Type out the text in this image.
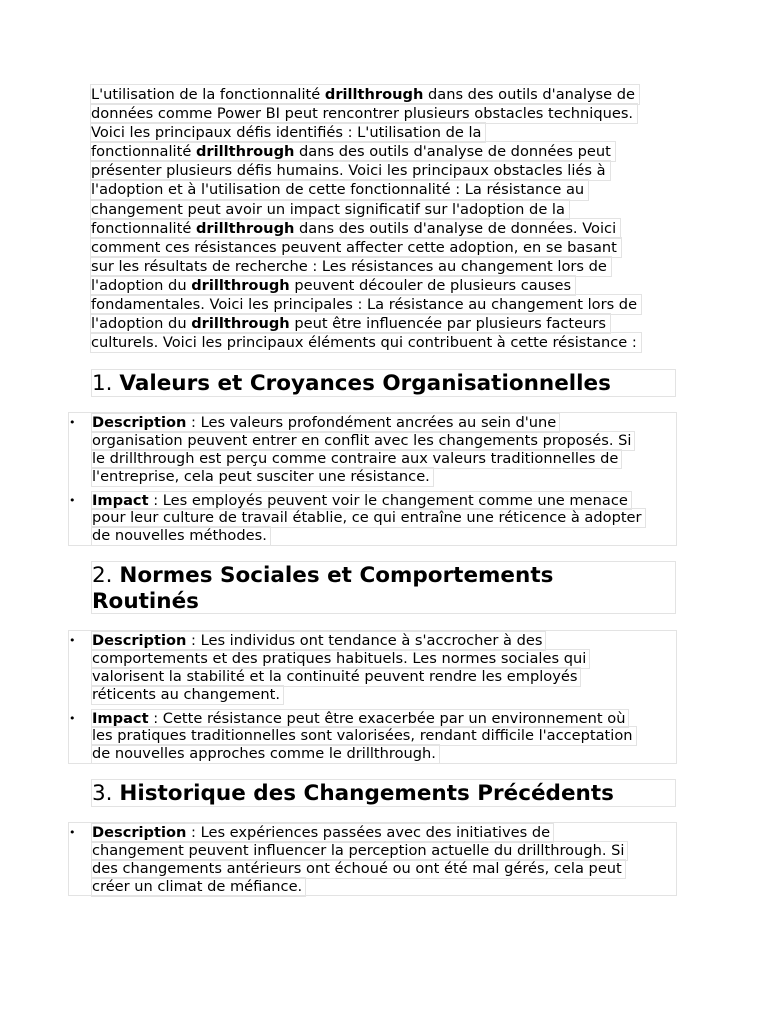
L'utilisation de la fonctionnalité drillthrough dans des outils d'analyse de
données comme Power BI peut rencontrer plusieurs obstacles techniques.
Voici les principaux défis identifiés : L'utilisation de la
fonctionnalité drillthrough dans des outils d'analyse de données peut
présenter plusieurs défis humains. Voici les principaux obstacles liés à
l'adoption et à l'utilisation de cette fonctionnalité : La résistance au
changement peut avoir un impact significatif sur l'adoption de la
fonctionnalité drillthrough dans des outils d'analyse de données. Voici
comment ces résistances peuvent affecter cette adoption, en se basant
sur les résultats de recherche : Les résistances au changement lors de
l'adoption du drillthrough peuvent découler de plusieurs causes
fondamentales. Voici les principales : La résistance au changement lors de
l'adoption du drillthrough peut être influencée par plusieurs facteurs
culturels. Voici les principaux éléments qui contribuent à cette résistance :
1. Valeurs et Croyances Organisationnelles
• Description : Les valeurs profondément ancrées au sein d'une
organisation peuvent entrer en conflit avec les changements proposés. Si
le drillthrough est perçu comme contraire aux valeurs traditionnelles de
l'entreprise, cela peut susciter une résistance.
• Impact : Les employés peuvent voir le changement comme une menace
pour leur culture de travail établie, ce qui entraîne une réticence à adopter
de nouvelles méthodes.
2. Normes Sociales et Comportements
Routinés
• Description : Les individus ont tendance à s'accrocher à des
comportements et des pratiques habituels. Les normes sociales qui
valorisent la stabilité et la continuité peuvent rendre les employés
réticents au changement.
• Impact : Cette résistance peut être exacerbée par un environnement où
les pratiques traditionnelles sont valorisées, rendant difficile l'acceptation
de nouvelles approches comme le drillthrough.
3. Historique des Changements Précédents
• Description : Les expériences passées avec des initiatives de
changement peuvent influencer la perception actuelle du drillthrough. Si
des changements antérieurs ont échoué ou ont été mal gérés, cela peut
créer un climat de méfiance.
